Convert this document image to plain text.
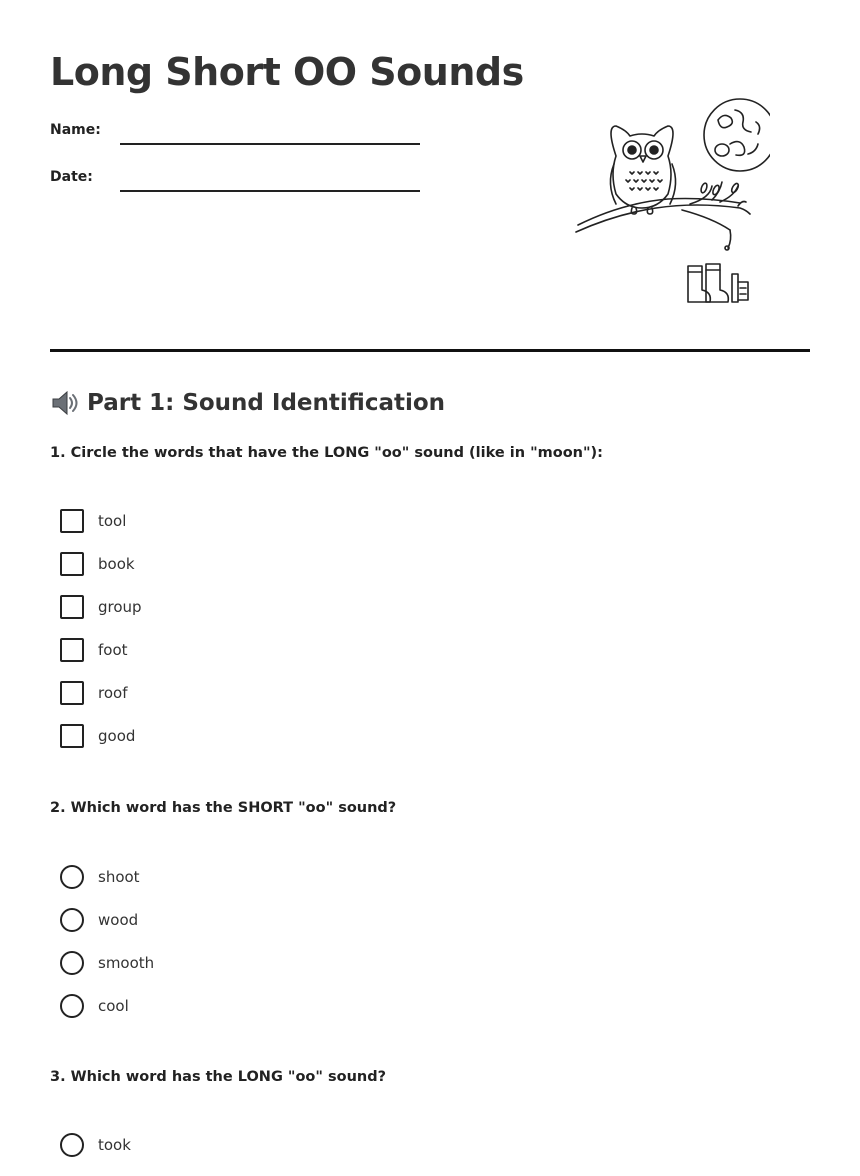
Long Short OO Sounds
Name:
Date:
Part 1: Sound Identification

1. Circle the words that have the LONG "oo" sound (like in "moon"):

tool
book
group
foot
roof
good

2. Which word has the SHORT "oo" sound?

shoot
wood
smooth
cool

3. Which word has the LONG "oo" sound?

took
